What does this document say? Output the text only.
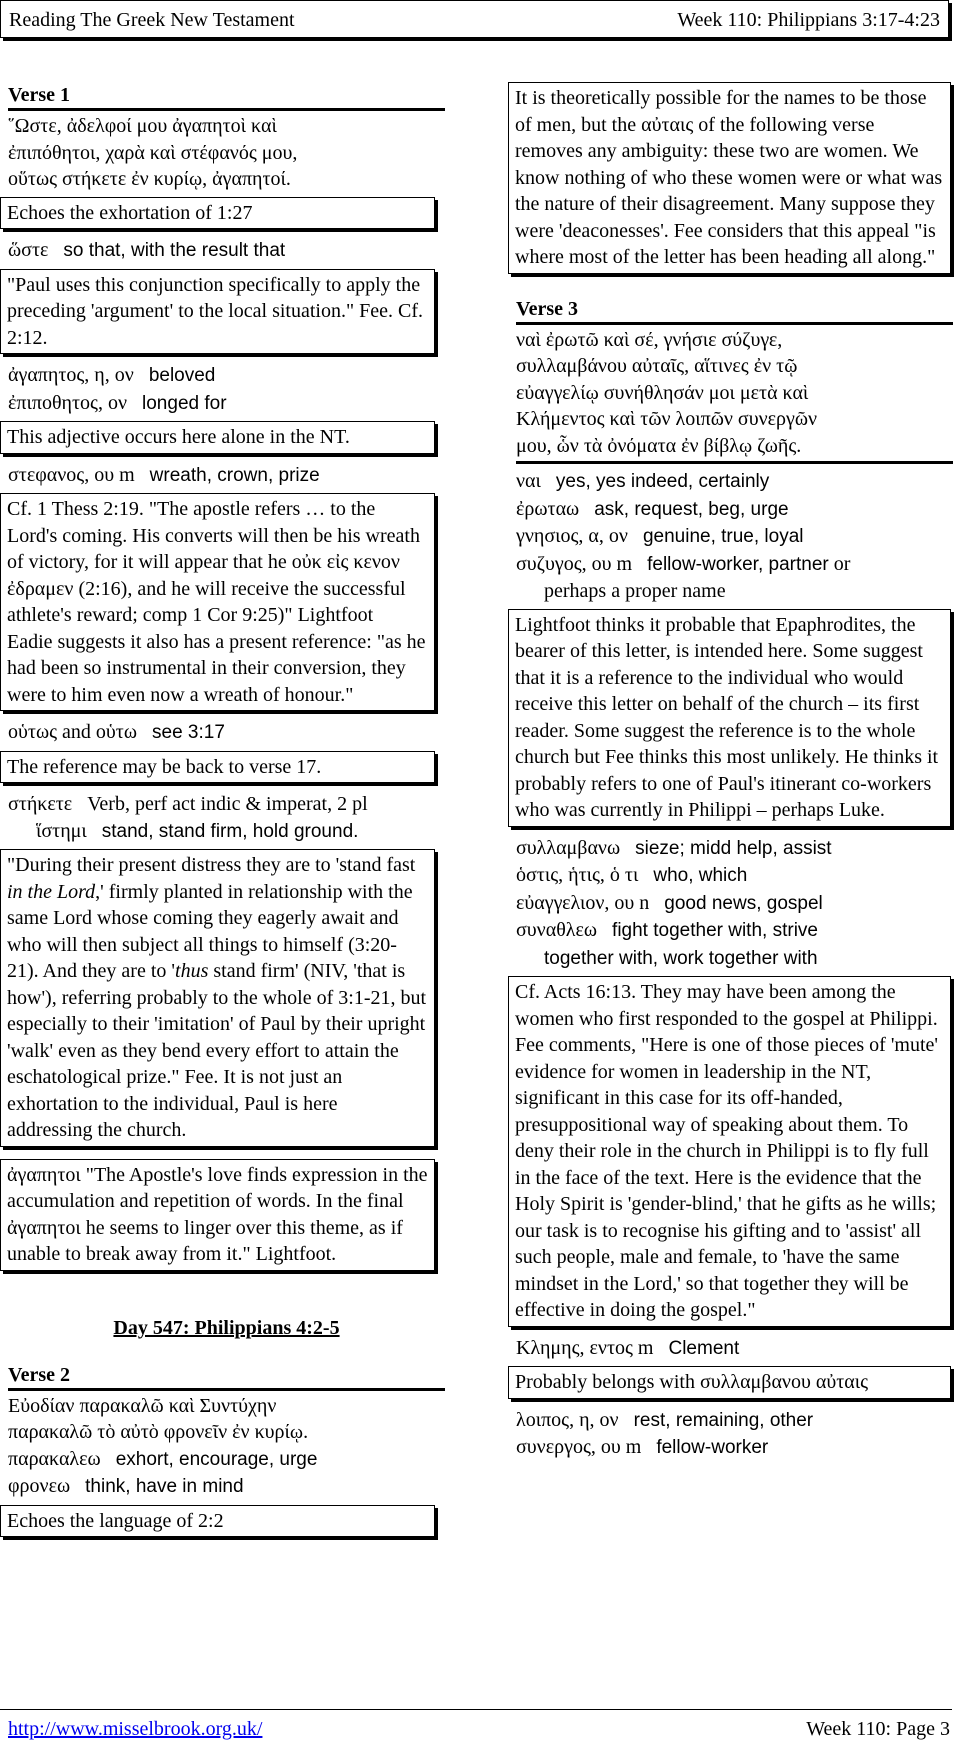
Reading The Greek New Testament	Week 110: Philippians 3:17-4:23
Verse 1
῞Ωστε, ἀδελφοί μου ἀγαπητοὶ καὶ
ἐπιπόθητοι, χαρὰ καὶ στέφανός μου,
οὕτως στήκετε ἐν κυρίῳ, ἀγαπητοί.
Echoes the exhortation of 1:27
ὥστε so that, with the result that
"Paul uses this conjunction specifically to apply the preceding 'argument' to the local situation." Fee. Cf. 2:12.
ἀγαπητος, η, ον beloved
ἐπιποθητος, ον longed for
This adjective occurs here alone in the NT.
στεφανος, ου m wreath, crown, prize
Cf. 1 Thess 2:19. "The apostle refers … to the Lord's coming. His converts will then be his wreath of victory, for it will appear that he οὐκ εἰς κενον ἐδραμεν (2:16), and he will receive the successful athlete's reward; comp 1 Cor 9:25)" Lightfoot
Eadie suggests it also has a present reference: "as he had been so instrumental in their conversion, they were to him even now a wreath of honour."
οὑτως and οὑτω see 3:17
The reference may be back to verse 17.
στήκετε Verb, perf act indic & imperat, 2 pl
ἵστημι stand, stand firm, hold ground.
"During their present distress they are to 'stand fast in the Lord,' firmly planted in relationship with the same Lord whose coming they eagerly await and who will then subject all things to himself (3:20-21). And they are to 'thus stand firm' (NIV, 'that is how'), referring probably to the whole of 3:1-21, but especially to their 'imitation' of Paul by their upright 'walk' even as they bend every effort to attain the eschatological prize." Fee. It is not just an exhortation to the individual, Paul is here addressing the church.
ἀγαπητοι "The Apostle's love finds expression in the accumulation and repetition of words. In the final ἀγαπητοι he seems to linger over this theme, as if unable to break away from it." Lightfoot.
Day 547: Philippians 4:2-5
Verse 2
Εὐοδίαν παρακαλῶ καὶ Συντύχην
παρακαλῶ τὸ αὐτὸ φρονεῖν ἐν κυρίῳ.
παρακαλεω exhort, encourage, urge
φρονεω think, have in mind
Echoes the language of 2:2
It is theoretically possible for the names to be those of men, but the αὐταις of the following verse removes any ambiguity: these two are women. We know nothing of who these women were or what was the nature of their disagreement. Many suppose they were 'deaconesses'. Fee considers that this appeal "is where most of the letter has been heading all along."
Verse 3
ναὶ ἐρωτῶ καὶ σέ, γνήσιε σύζυγε,
συλλαμβάνου αὐταῖς, αἵτινες ἐν τῷ
εὐαγγελίῳ συνήθλησάν μοι μετὰ καὶ
Κλήμεντος καὶ τῶν λοιπῶν συνεργῶν
μου, ὧν τὰ ὀνόματα ἐν βίβλῳ ζωῆς.
ναι yes, yes indeed, certainly
ἐρωταω ask, request, beg, urge
γνησιος, α, ον genuine, true, loyal
συζυγος, ου m fellow-worker, partner or
perhaps a proper name
Lightfoot thinks it probable that Epaphrodites, the bearer of this letter, is intended here. Some suggest that it is a reference to the individual who would receive this letter on behalf of the church – its first reader. Some suggest the reference is to the whole church but Fee thinks this most unlikely. He thinks it probably refers to one of Paul's itinerant co-workers who was currently in Philippi – perhaps Luke.
συλλαμβανω sieze; midd help, assist
ὁστις, ἡτις, ὁ τι who, which
εὐαγγελιον, ου n good news, gospel
συναθλεω fight together with, strive
together with, work together with
Cf. Acts 16:13. They may have been among the women who first responded to the gospel at Philippi. Fee comments, "Here is one of those pieces of 'mute' evidence for women in leadership in the NT, significant in this case for its off-handed, presuppositional way of speaking about them. To deny their role in the church in Philippi is to fly full in the face of the text. Here is the evidence that the Holy Spirit is 'gender-blind,' that he gifts as he wills; our task is to recognise his gifting and to 'assist' all such people, male and female, to 'have the same mindset in the Lord,' so that together they will be effective in doing the gospel."
Κλημης, εντος m Clement
Probably belongs with συλλαμβανου αὐταις
λοιπος, η, ον rest, remaining, other
συνεργος, ου m fellow-worker
http://www.misselbrook.org.uk/	Week 110: Page 3
